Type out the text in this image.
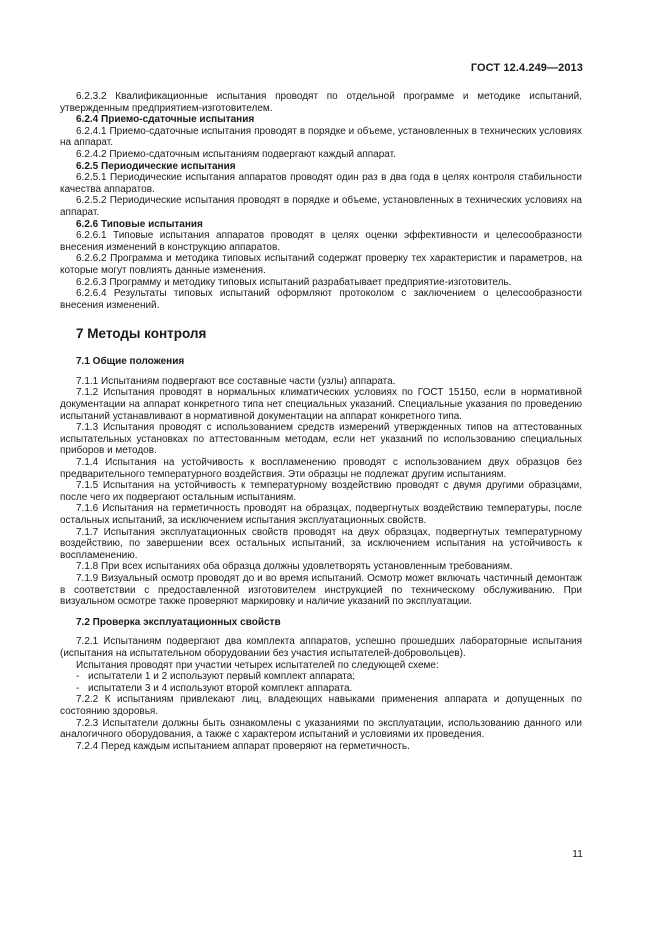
ГОСТ 12.4.249—2013

6.2.3.2 Квалификационные испытания проводят по отдельной программе и методике испытаний, утвержденным предприятием-изготовителем.

6.2.4 Приемо-сдаточные испытания

6.2.4.1 Приемо-сдаточные испытания проводят в порядке и объеме, установленных в технических условиях на аппарат.

6.2.4.2 Приемо-сдаточным испытаниям подвергают каждый аппарат.

6.2.5 Периодические испытания

6.2.5.1 Периодические испытания аппаратов проводят один раз в два года в целях контроля стабильности качества аппаратов.

6.2.5.2 Периодические испытания проводят в порядке и объеме, установленных в технических условиях на аппарат.

6.2.6 Типовые испытания

6.2.6.1 Типовые испытания аппаратов проводят в целях оценки эффективности и целесообразности внесения изменений в конструкцию аппаратов.

6.2.6.2 Программа и методика типовых испытаний содержат проверку тех характеристик и параметров, на которые могут повлиять данные изменения.

6.2.6.3 Программу и методику типовых испытаний разрабатывает предприятие-изготовитель.

6.2.6.4 Результаты типовых испытаний оформляют протоколом с заключением о целесообразности внесения изменений.

7 Методы контроля

7.1 Общие положения

7.1.1 Испытаниям подвергают все составные части (узлы) аппарата.

7.1.2 Испытания проводят в нормальных климатических условиях по ГОСТ 15150, если в нормативной документации на аппарат конкретного типа нет специальных указаний. Специальные указания по проведению испытаний устанавливают в нормативной документации на аппарат конкретного типа.

7.1.3 Испытания проводят с использованием средств измерений утвержденных типов на аттестованных испытательных установках по аттестованным методам, если нет указаний по использованию специальных приборов и методов.

7.1.4 Испытания на устойчивость к воспламенению проводят с использованием двух образцов без предварительного температурного воздействия. Эти образцы не подлежат другим испытаниям.

7.1.5 Испытания на устойчивость к температурному воздействию проводят с двумя другими образцами, после чего их подвергают остальным испытаниям.

7.1.6 Испытания на герметичность проводят на образцах, подвергнутых воздействию температуры, после остальных испытаний, за исключением испытания эксплуатационных свойств.

7.1.7 Испытания эксплуатационных свойств проводят на двух образцах, подвергнутых температурному воздействию, по завершении всех остальных испытаний, за исключением испытания на устойчивость к воспламенению.

7.1.8 При всех испытаниях оба образца должны удовлетворять установленным требованиям.

7.1.9 Визуальный осмотр проводят до и во время испытаний. Осмотр может включать частичный демонтаж в соответствии с предоставленной изготовителем инструкцией по техническому обслуживанию. При визуальном осмотре также проверяют маркировку и наличие указаний по эксплуатации.

7.2 Проверка эксплуатационных свойств

7.2.1 Испытаниям подвергают два комплекта аппаратов, успешно прошедших лабораторные испытания (испытания на испытательном оборудовании без участия испытателей-добровольцев).

Испытания проводят при участии четырех испытателей по следующей схеме:

- испытатели 1 и 2 используют первый комплект аппарата;

- испытатели 3 и 4 используют второй комплект аппарата.

7.2.2 К испытаниям привлекают лиц, владеющих навыками применения аппарата и допущенных по состоянию здоровья.

7.2.3 Испытатели должны быть ознакомлены с указаниями по эксплуатации, использованию данного или аналогичного оборудования, а также с характером испытаний и условиями их проведения.

7.2.4 Перед каждым испытанием аппарат проверяют на герметичность.

11
